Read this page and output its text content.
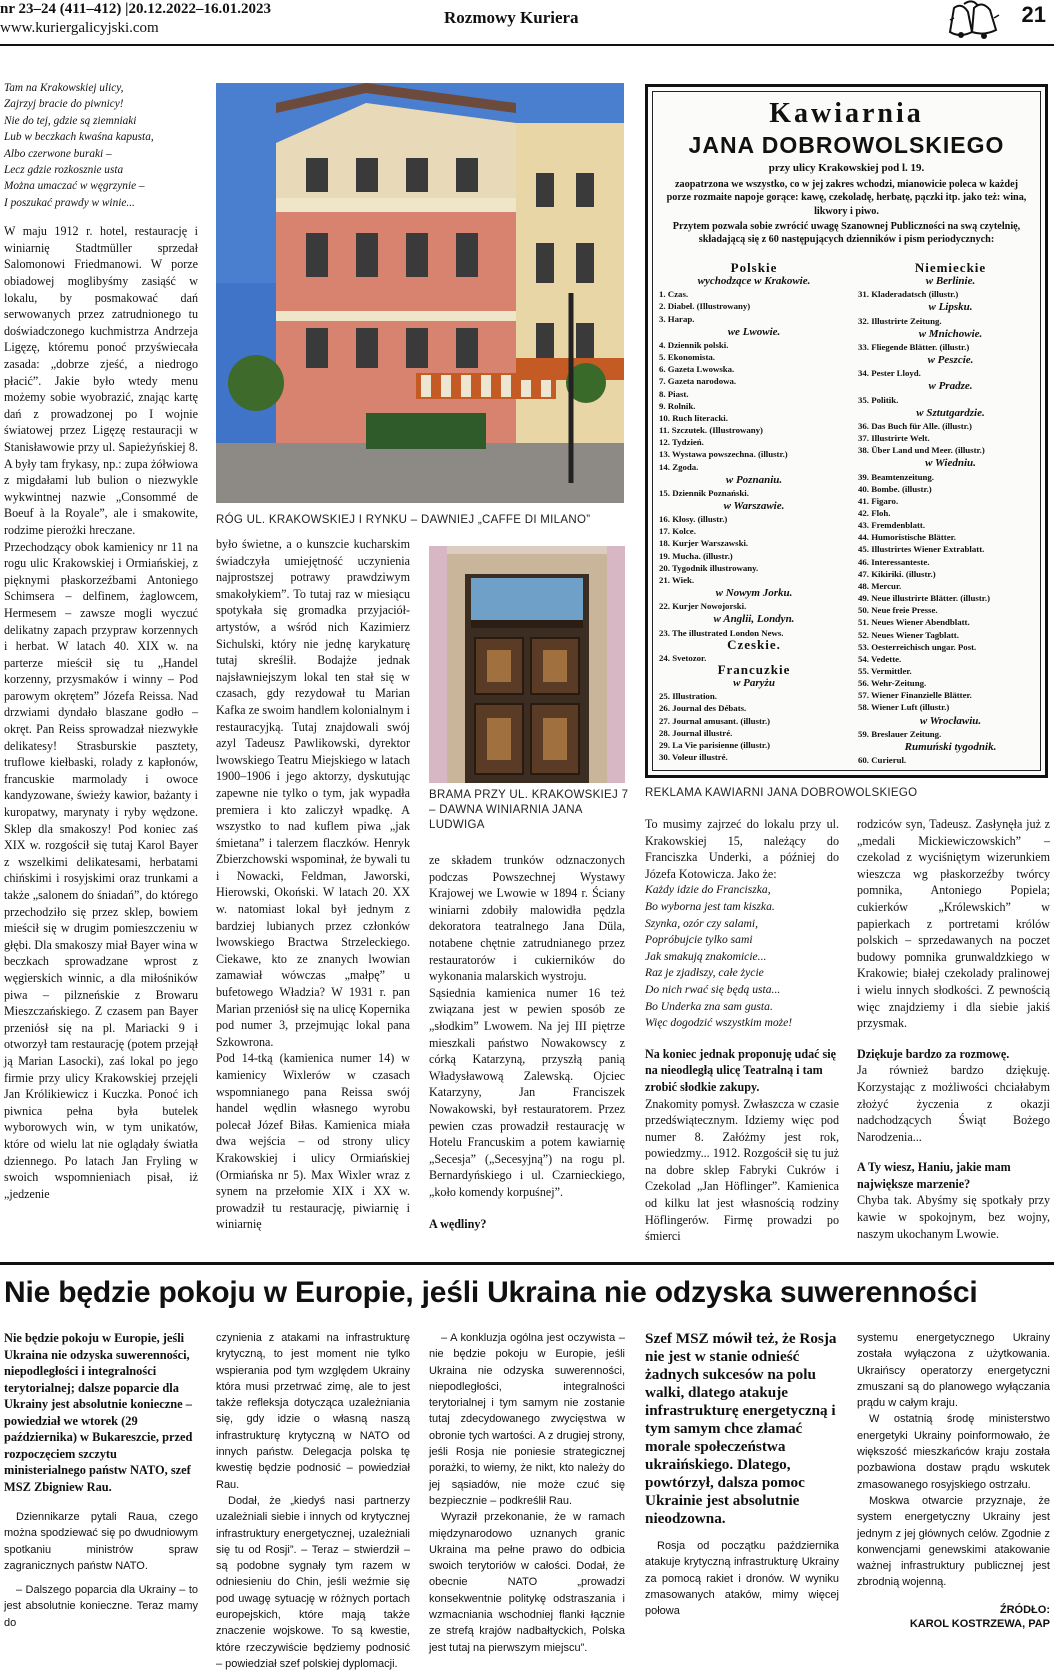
nr 23–24 (411–412) |20.12.2022–16.01.2023
www.kuriergalicyjski.com
Rozmowy Kuriera	21
Tam na Krakowskiej ulicy,
Zajrzyj bracie do piwnicy!
Nie do tej, gdzie są ziemniaki
Lub w beczkach kwaśna kapusta,
Albo czerwone buraki –
Lecz gdzie rozkosznie usta
Można umaczać w węgrzynie –
I poszukać prawdy w winie...

W maju 1912 r. hotel, restaurację i winiarnię Stadtmüller sprzedał Salomonowi Friedmanowi. W porze obiadowej moglibyśmy zasiąść w lokalu, by posmakować dań serwowanych przez zatrudnionego tu doświadczonego kuchmistrza Andrzeja Ligęzę, któremu ponoć przyświecała zasada: „dobrze zjeść, a niedrogo płacić”. Jakie było wtedy menu możemy sobie wyobrazić, znając kartę dań z prowadzonej po I wojnie światowej przez Ligęzę restauracji w Stanisławowie przy ul. Sapieżyńskiej 8. A były tam frykasy, np.: zupa żółwiowa z migdałami lub bulion o niezwykle wykwintnej nazwie „Consommé de Boeuf à la Royale”, ale i smakowite, rodzime pierożki hreczane.

Przechodzący obok kamienicy nr 11 na rogu ulic Krakowskiej i Ormiańskiej, z pięknymi płaskorzeźbami Antoniego Schimsera – delfinem, żaglowcem, Hermesem – zawsze mogli wyczuć delikatny zapach przypraw korzennych i herbat. W latach 40. XIX w. na parterze mieścił się tu „Handel korzenny, przysmaków i winny – Pod parowym okrętem” Józefa Reissa. Nad drzwiami dyndało blaszane godło – okręt. Pan Reiss sprowadzał niezwykłe delikatesy! Strasburskie pasztety, truflowe kiełbaski, rolady z kapłonów, francuskie marmolady i owoce kandyzowane, świeży kawior, bażanty i kuropatwy, marynaty i ryby wędzone. Sklep dla smakoszy! Pod koniec zaś XIX w. rozgościł się tutaj Karol Bayer z wszelkimi delikatesami, herbatami chińskimi i rosyjskimi oraz trunkami a także „salonem do śniadań”, do którego przechodziło się przez sklep, bowiem mieścił się w drugim pomieszczeniu w głębi. Dla smakoszy miał Bayer wina w beczkach sprowadzane wprost z węgierskich winnic, a dla miłośników piwa – pilzneńskie z Browaru Mieszczańskiego. Z czasem pan Bayer przeniósł się na pl. Mariacki 9 i otworzył tam restaurację (potem przejął ją Marian Lasocki), zaś lokal po jego firmie przy ulicy Krakowskiej przejęli Jan Królikiewicz i Kuczka. Ponoć ich piwnica pełna była butelek wyborowych win, w tym unikatów, które od wielu lat nie oglądały światła dziennego. Po latach Jan Fryling w swoich wspomnieniach pisał, iż „jedzenie

RÓG UL. KRAKOWSKIEJ I RYNKU – DAWNIEJ „CAFFE DI MILANO”

było świetne, a o kunszcie kucharskim świadczyła umiejętność uczynienia najprostszej potrawy prawdziwym smakołykiem”. To tutaj raz w miesiącu spotykała się gromadka przyjaciół-artystów, a wśród nich Kazimierz Sichulski, który nie jednę karykaturę tutaj skreślił. Bodajże jednak najsławniejszym lokal ten stał się w czasach, gdy rezydował tu Marian Kafka ze swoim handlem kolonialnym i restauracyjką. Tutaj znajdowali swój azyl Tadeusz Pawlikowski, dyrektor lwowskiego Teatru Miejskiego w latach 1900–1906 i jego aktorzy, dyskutując zapewne nie tylko o tym, jak wypadła premiera i kto zaliczył wpadkę. A wszystko to nad kuflem piwa „jak śmietana” i talerzem flaczków. Henryk Zbierzchowski wspominał, że bywali tu i Nowacki, Feldman, Jaworski, Hierowski, Okoński. W latach 20. XX w. natomiast lokal był jednym z bardziej lubianych przez członków lwowskiego Bractwa Strzeleckiego. Ciekawe, kto ze znanych lwowian zamawiał wówczas „małpę” u bufetowego Władzia? W 1931 r. pan Marian przeniósł się na ulicę Kopernika pod numer 3, przejmując lokal pana Szkowrona.

Pod 14-tką (kamienica numer 14) w kamienicy Wixlerów w czasach wspomnianego pana Reissa swój handel wędlin własnego wyrobu polecał Józef Biłas. Kamienica miała dwa wejścia – od strony ulicy Krakowskiej i ulicy Ormiańskiej (Ormiańska nr 5). Max Wixler wraz z synem na przełomie XIX i XX w. prowadził tu restaurację, piwiarnię i winiarnię

BRAMA PRZY UL. KRAKOWSKIEJ 7 – DAWNA WINIARNIA JANA LUDWIGA

ze składem trunków odznaczonych podczas Powszechnej Wystawy Krajowej we Lwowie w 1894 r. Ściany winiarni zdobiły malowidła pędzla dekoratora teatralnego Jana Düla, notabene chętnie zatrudnianego przez restauratorów i cukierników do wykonania malarskich wystroju.

Sąsiednia kamienica numer 16 też związana jest w pewien sposób ze „słodkim” Lwowem. Na jej III piętrze mieszkali państwo Nowakowscy z córką Katarzyną, przyszłą panią Władysławową Zalewską. Ojciec Katarzyny, Jan Franciszek Nowakowski, był restauratorem. Przez pewien czas prowadził restaurację w Hotelu Francuskim a potem kawiarnię „Secesja” („Secesyjną”) na rogu pl. Bernardyńskiego i ul. Czarnieckiego, „koło komendy korpuśnej”.

A wędliny?

Kawiarnia
JANA DOBROWOLSKIEGO
przy ulicy Krakowskiej pod l. 19.
zaopatrzona we wszystko, co w jej zakres wchodzi, mianowicie poleca w każdej porze rozmaite napoje gorące: kawę, czekoladę, herbatę, pączki itp. jako też: wina, likwory i piwo.
Przytem pozwala sobie zwrócić uwagę Szanownej Publiczności na swą czytelnię, składającą się z 60 następujących dzienników i pism periodycznych:
Polskie
wychodzące w Krakowie.
1. Czas.
2. Diabeł. (Illustrowany)
3. Harap.
we Lwowie.
4. Dziennik polski.
5. Ekonomista.
6. Gazeta Lwowska.
7. Gazeta narodowa.
8. Piast.
9. Rolnik.
10. Ruch literacki.
11. Szczutek. (Illustrowany)
12. Tydzień.
13. Wystawa powszechna. (illustr.)
14. Zgoda.
w Poznaniu.
15. Dziennik Poznański.
w Warszawie.
16. Kłosy. (illustr.)
17. Kolce.
18. Kurjer Warszawski.
19. Mucha. (illustr.)
20. Tygodnik illustrowany.
21. Wiek.
w Nowym Jorku.
22. Kurjer Nowojorski.
w Anglii, Londyn.
23. The illustrated London News.
Czeskie.
24. Svetozor.
Francuzkie
w Paryżu
25. Illustration.
26. Journal des Débats.
27. Journal amusant. (illustr.)
28. Journal illustré.
29. La Vie parisienne (illustr.)
30. Voleur illustré.
Niemieckie
w Berlinie.
31. Kladeradatsch (illustr.)
w Lipsku.
32. Illustrirte Zeitung.
w Mnichowie.
33. Fliegende Blätter. (illustr.)
w Peszcie.
34. Pester Lloyd.
w Pradze.
35. Politik.
w Sztutgardzie.
36. Das Buch für Alle. (illustr.)
37. Illustrirte Welt.
38. Über Land und Meer. (illustr.)
w Wiedniu.
39. Beamtenzeitung.
40. Bombe. (illustr.)
41. Figaro.
42. Floh.
43. Fremdenblatt.
44. Humoristische Blätter.
45. Illustrirtes Wiener Extrablatt.
46. Interessanteste.
47. Kikiriki. (illustr.)
48. Mercur.
49. Neue illustrirte Blätter. (illustr.)
50. Neue freie Presse.
51. Neues Wiener Abendblatt.
52. Neues Wiener Tagblatt.
53. Oesterreichisch ungar. Post.
54. Vedette.
55. Vermittler.
56. Wehr-Zeitung.
57. Wiener Finanzielle Blätter.
58. Wiener Luft (illustr.)
w Wrocławiu.
59. Breslauer Zeitung.
Rumuński tygodnik.
60. Curierul.
REKLAMA KAWIARNI JANA DOBROWOLSKIEGO

To musimy zajrzeć do lokalu przy ul. Krakowskiej 15, należący do Franciszka Underki, a później do Józefa Kotowicza. Jako że:

Każdy idzie do Franciszka,
Bo wyborna jest tam kiszka.
Szynka, ozór czy salami,
Popróbujcie tylko sami
Jak smakują znakomicie...
Raz je zjadłszy, całe życie
Do nich rwać się będą usta...
Bo Underka zna sam gusta.
Więc dogodzić wszystkim może!

Na koniec jednak proponuję udać się na nieodległą ulicę Teatralną i tam zrobić słodkie zakupy.

Znakomity pomysł. Zwłaszcza w czasie przedświątecznym. Idziemy więc pod numer 8. Załóżmy jest rok, powiedzmy... 1912. Rozgościł się tu już na dobre sklep Fabryki Cukrów i Czekolad „Jan Höflinger”. Kamienica od kilku lat jest własnością rodziny Höflingerów. Firmę prowadzi po śmierci

rodziców syn, Tadeusz. Zasłynęła już z „medali Mickiewiczowskich” – czekolad z wyciśniętym wizerunkiem wieszcza wg płaskorzeźby twórcy pomnika, Antoniego Popiela; cukierków „Królewskich” w papierkach z portretami królów polskich – sprzedawanych na poczet budowy pomnika grunwaldzkiego w Krakowie; białej czekolady pralinowej i wielu innych słodkości. Z pewnością więc znajdziemy i dla siebie jakiś przysmak.

Dziękuje bardzo za rozmowę.

Ja również bardzo dziękuję. Korzystając z możliwości chciałabym złożyć życzenia z okazji nadchodzących Świąt Bożego Narodzenia...

A Ty wiesz, Haniu, jakie mam największe marzenie?

Chyba tak. Abyśmy się spotkały przy kawie w spokojnym, bez wojny, naszym ukochanym Lwowie.

Nie będzie pokoju w Europie, jeśli Ukraina nie odzyska suwerenności

Nie będzie pokoju w Europie, jeśli Ukraina nie odzyska suwerenności, niepodległości i integralności terytorialnej; dalsze poparcie dla Ukrainy jest absolutnie konieczne – powiedział we wtorek (29 października) w Bukareszcie, przed rozpoczęciem szczytu ministerialnego państw NATO, szef MSZ Zbigniew Rau.

Dziennikarze pytali Raua, czego można spodziewać się po dwudniowym spotkaniu ministrów spraw zagranicznych państw NATO.

– Dalszego poparcia dla Ukrainy – to jest absolutnie konieczne. Teraz mamy do

czynienia z atakami na infrastrukturę krytyczną, to jest moment nie tylko wspierania pod tym względem Ukrainy która musi przetrwać zimę, ale to jest także refleksja dotycząca uzależniania się, gdy idzie o własną naszą infrastrukturę krytyczną w NATO od innych państw. Delegacja polska tę kwestię będzie podnosić – powiedział Rau.

Dodał, że „kiedyś nasi partnerzy uzależniali siebie i innych od krytycznej infrastruktury energetycznej, uzależniali się tu od Rosji”. – Teraz – stwierdził – są podobne sygnały tym razem w odniesieniu do Chin, jeśli weźmie się pod uwagę sytuację w różnych portach europejskich, które mają także znaczenie wojskowe. To są kwestie, które rzeczywiście będziemy podnosić – powiedział szef polskiej dyplomacji.

– A konkluzja ogólna jest oczywista – nie będzie pokoju w Europie, jeśli Ukraina nie odzyska suwerenności, niepodległości, integralności terytorialnej i tym samym nie zostanie tutaj zdecydowanego zwycięstwa w obronie tych wartości. A z drugiej strony, jeśli Rosja nie poniesie strategicznej porażki, to wiemy, że nikt, kto należy do jej sąsiadów, nie może czuć się bezpiecznie – podkreślił Rau.

Wyraził przekonanie, że w ramach międzynarodowo uznanych granic Ukraina ma pełne prawo do odbicia swoich terytoriów w całości. Dodał, że obecnie NATO „prowadzi konsekwentnie politykę odstraszania i wzmacniania wschodniej flanki łącznie ze strefą krajów nadbałtyckich, Polska jest tutaj na pierwszym miejscu”.

Szef MSZ mówił też, że Rosja nie jest w stanie odnieść żadnych sukcesów na polu walki, dlatego atakuje infrastrukturę energetyczną i tym samym chce złamać morale społeczeństwa ukraińskiego. Dlatego, powtórzył, dalsza pomoc Ukrainie jest absolutnie nieodzowna.

Rosja od początku października atakuje krytyczną infrastrukturę Ukrainy za pomocą rakiet i dronów. W wyniku zmasowanych ataków, mimy więcej połowa

systemu energetycznego Ukrainy została wyłączona z użytkowania. Ukraińscy operatorzy energetyczni zmuszani są do planowego wyłączania prądu w całym kraju.

W ostatnią środę ministerstwo energetyki Ukrainy poinformowało, że większość mieszkańców kraju została pozbawiona dostaw prądu wskutek zmasowanego rosyjskiego ostrzału.

Moskwa otwarcie przyznaje, że system energetyczny Ukrainy jest jednym z jej głównych celów. Zgodnie z konwencjami genewskimi atakowanie ważnej infrastruktury publicznej jest zbrodnią wojenną.

ŹRÓDŁO:
KAROL KOSTRZEWA, PAP
